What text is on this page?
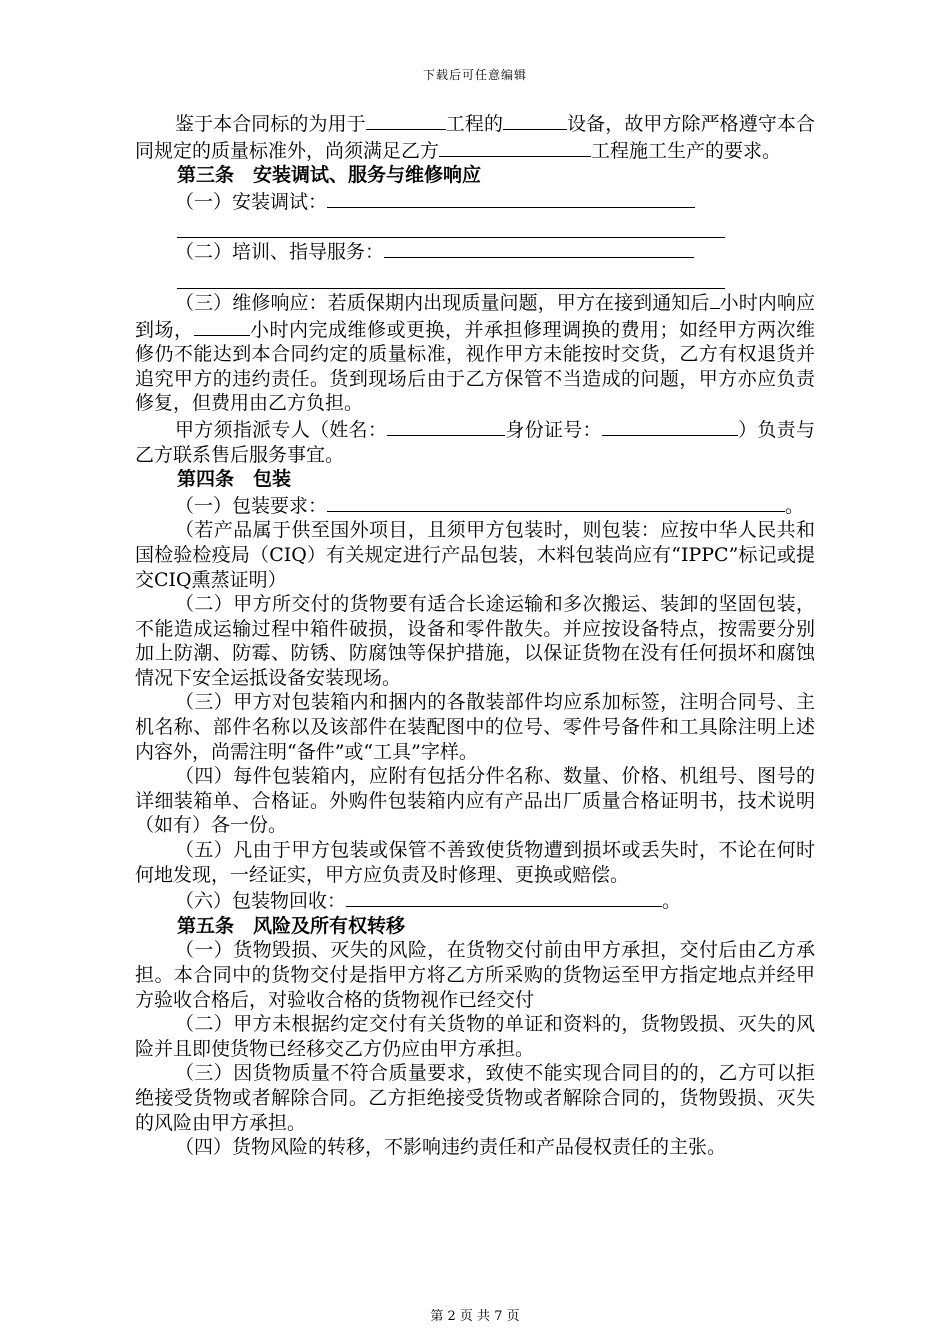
下载后可任意编辑

鉴于本合同标的为用于	工程的	设备，故甲方除严格遵守本合同规定的质量标准外，尚须满足乙方	工程施工生产的要求。

第三条　安装调试、服务与维修响应

（一）安装调试：

（二）培训、指导服务：

（三）维修响应：若质保期内出现质量问题，甲方在接到通知后 小时内响应到场，	小时内完成维修或更换，并承担修理调换的费用；如经甲方两次维修仍不能达到本合同约定的质量标准，视作甲方未能按时交货，乙方有权退货并追究甲方的违约责任。货到现场后由于乙方保管不当造成的问题，甲方亦应负责修复，但费用由乙方负担。

甲方须指派专人（姓名：	身份证号：	）负责与乙方联系售后服务事宜。

第四条　包装

（一）包装要求：	。

（若产品属于供至国外项目，且须甲方包装时，则包装：应按中华人民共和国检验检疫局（CIQ）有关规定进行产品包装，木料包装尚应有“IPPC”标记或提交CIQ熏蒸证明）

（二）甲方所交付的货物要有适合长途运输和多次搬运、装卸的坚固包装，不能造成运输过程中箱件破损，设备和零件散失。并应按设备特点，按需要分别加上防潮、防霉、防锈、防腐蚀等保护措施，以保证货物在没有任何损坏和腐蚀情况下安全运抵设备安装现场。

（三）甲方对包装箱内和捆内的各散装部件均应系加标签，注明合同号、主机名称、部件名称以及该部件在装配图中的位号、零件号备件和工具除注明上述内容外，尚需注明“备件”或“工具”字样。

（四）每件包装箱内，应附有包括分件名称、数量、价格、机组号、图号的详细装箱单、合格证。外购件包装箱内应有产品出厂质量合格证明书，技术说明（如有）各一份。

（五）凡由于甲方包装或保管不善致使货物遭到损坏或丢失时，不论在何时何地发现，一经证实，甲方应负责及时修理、更换或赔偿。

（六）包装物回收：	。

第五条　风险及所有权转移

（一）货物毁损、灭失的风险，在货物交付前由甲方承担，交付后由乙方承担。本合同中的货物交付是指甲方将乙方所采购的货物运至甲方指定地点并经甲方验收合格后，对验收合格的货物视作已经交付

（二）甲方未根据约定交付有关货物的单证和资料的，货物毁损、灭失的风险并且即使货物已经移交乙方仍应由甲方承担。

（三）因货物质量不符合质量要求，致使不能实现合同目的的，乙方可以拒绝接受货物或者解除合同。乙方拒绝接受货物或者解除合同的，货物毁损、灭失的风险由甲方承担。

（四）货物风险的转移，不影响违约责任和产品侵权责任的主张。

第 2 页 共 7 页
